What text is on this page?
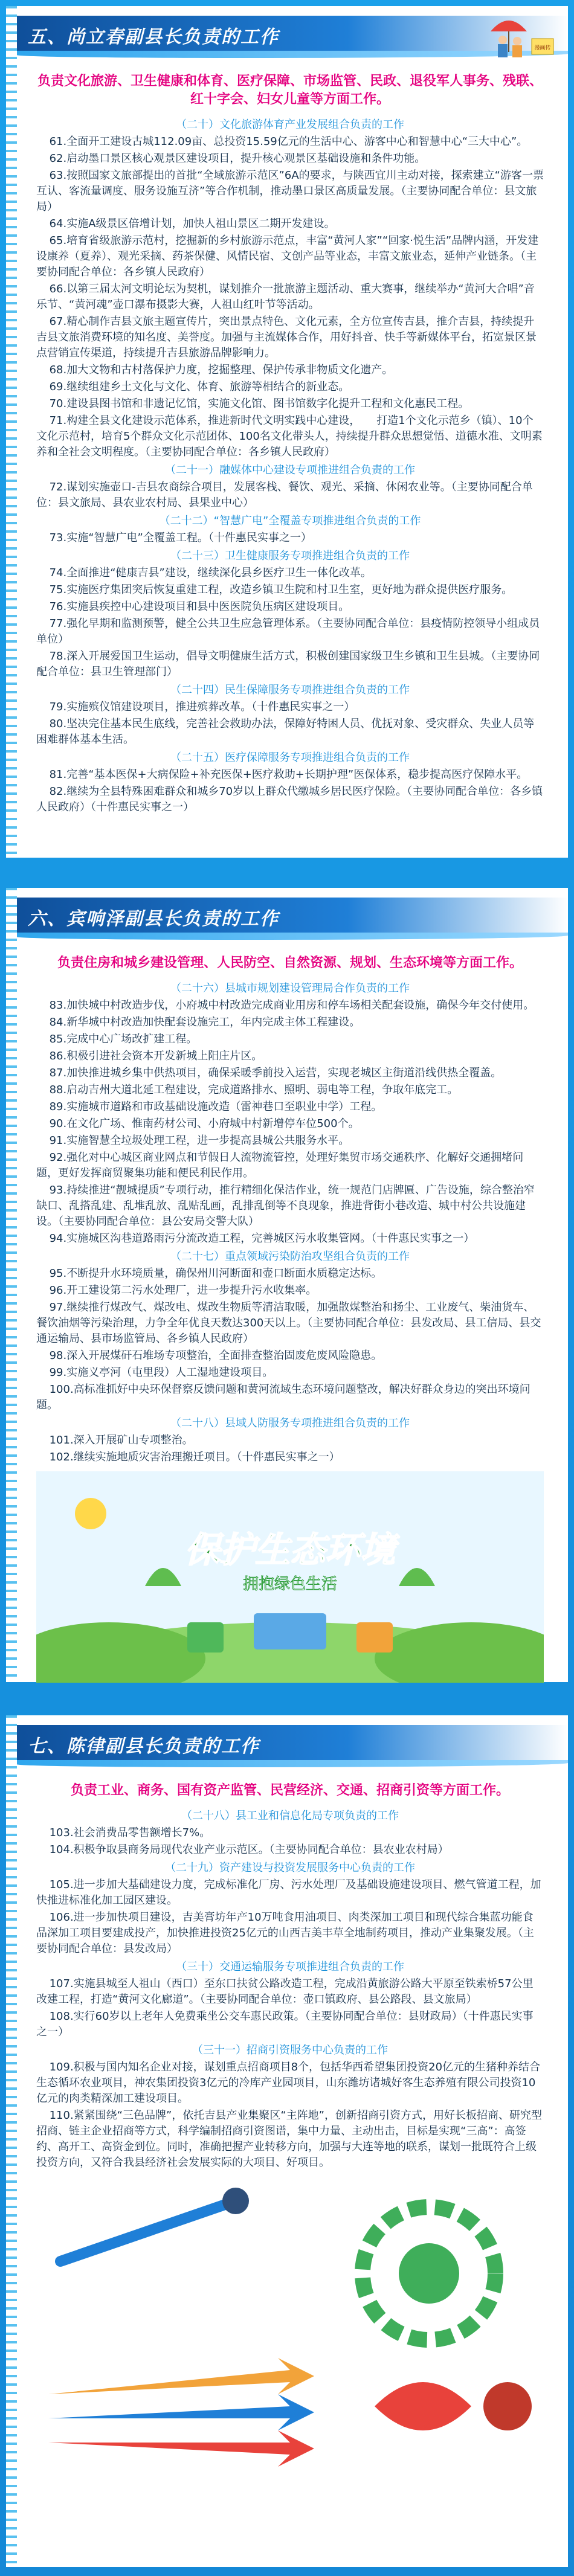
五、尚立春副县长负责的工作
漫画传
负责文化旅游、卫生健康和体育、医疗保障、市场监管、民政、退役军人事务、残联、红十字会、妇女儿童等方面工作。
（二十）文化旅游体育产业发展组合负责的工作

61.全面开工建设古城112.09亩、总投资15.59亿元的生活中心、游客中心和智慧中心“三大中心”。

62.启动墨口景区核心观景区建设项目，提升核心观景区基础设施和条件功能。

63.按照国家文旅部提出的首批“全域旅游示范区”6A的要求，与陕西宜川主动对接，探索建立“游客一票互认、客流量调度、服务设施互济”等合作机制，推动墨口景区高质量发展。（主要协同配合单位：县文旅局）

64.实施A级景区倍增计划，加快人祖山景区二期开发建设。

65.培育省级旅游示范村，挖掘新的乡村旅游示范点，丰富“黄河人家”“回家·悦生活”品牌内涵，开发建设康养（夏养）、观光采摘、药茶保健、风情民宿、文创产品等业态，丰富文旅业态，延伸产业链条。（主要协同配合单位：各乡镇人民政府）

66.以第三届太河文明论坛为契机，谋划推介一批旅游主题活动、重大赛事，继续举办“黄河大合唱”音乐节、“黄河魂”壶口瀑布摄影大赛，人祖山红叶节等活动。

67.精心制作吉县文旅主题宣传片，突出景点特色、文化元素，全方位宣传吉县，推介吉县，持续提升吉县文旅消费环境的知名度、美誉度。加强与主流媒体合作，用好抖音、快手等新媒体平台，拓宽景区景点营销宣传渠道，持续提升吉县旅游品牌影响力。

68.加大文物和古村落保护力度，挖掘整理、保护传承非物质文化遗产。

69.继续组建乡土文化与文化、体育、旅游等相结合的新业态。

70.建设县图书馆和非遗记忆馆，实施文化馆、图书馆数字化提升工程和文化惠民工程。

71.构建全县文化建设示范体系，推进新时代文明实践中心建设，　　打造1个文化示范乡（镇）、10个文化示范村，培育5个群众文化示范团体、100名文化带头人，持续提升群众思想觉悟、道德水准、文明素养和全社会文明程度。（主要协同配合单位：各乡镇人民政府）

（二十一）融媒体中心建设专项推进组合负责的工作

72.谋划实施壶口-吉县农商综合项目，发展客栈、餐饮、观光、采摘、休闲农业等。（主要协同配合单位：县文旅局、县农业农村局、县果业中心）

（二十二）“智慧广电”全覆盖专项推进组合负责的工作

73.实施“智慧广电”全覆盖工程。（十件惠民实事之一）

（二十三）卫生健康服务专项推进组合负责的工作

74.全面推进“健康吉县”建设，继续深化县乡医疗卫生一体化改革。

75.实施医疗集团突后恢复重建工程，改造乡镇卫生院和村卫生室，更好地为群众提供医疗服务。

76.实施县疾控中心建设项目和县中医医院负压病区建设项目。

77.强化早期和监测预警，健全公共卫生应急管理体系。（主要协同配合单位：县疫情防控领导小组成员单位）

78.深入开展爱国卫生运动，倡导文明健康生活方式，积极创建国家级卫生乡镇和卫生县城。（主要协同配合单位：县卫生管理部门）

（二十四）民生保障服务专项推进组合负责的工作

79.实施殡仪馆建设项目，推进殡葬改革。（十件惠民实事之一）

80.坚决完住基本民生底线，完善社会救助办法，保障好特困人员、优抚对象、受灾群众、失业人员等困难群体基本生活。

（二十五）医疗保障服务专项推进组合负责的工作

81.完善“基本医保+大病保险+补充医保+医疗救助+长期护理”医保体系，稳步提高医疗保障水平。

82.继续为全县特殊困难群众和城乡70岁以上群众代缴城乡居民医疗保险。（主要协同配合单位：各乡镇人民政府）（十件惠民实事之一）

六、宾响泽副县长负责的工作
负责住房和城乡建设管理、人民防空、自然资源、规划、生态环境等方面工作。
（二十六）县城市规划建设管理局合作负责的工作

83.加快城中村改造步伐，小府城中村改造完成商业用房和停车场相关配套设施，确保今年交付使用。

84.新华城中村改造加快配套设施完工，年内完成主体工程建设。

85.完成中心广场改扩建工程。

86.积极引进社会资本开发新城上阳庄片区。

87.加快推进城乡集中供热项目，确保采暖季前投入运营，实现老城区主街道沿线供热全覆盖。

88.启动吉州大道北延工程建设，完成道路排水、照明、弱电等工程，争取年底完工。

89.实施城市道路和市政基础设施改造（雷神巷口至职业中学）工程。

90.在文化广场、惟南药材公司、小府城中村新增停车位500个。

91.实施智慧全垃圾处理工程，进一步提高县城公共服务水平。

92.强化对中心城区商业网点和节假日人流物流管控，处理好集贸市场交通秩序、化解好交通拥堵问题，更好发挥商贸聚集功能和便民利民作用。

93.持续推进“靓城提质”专项行动，推行精细化保洁作业，统一规范门店牌匾、广告设施，综合整治窄缺口、乱搭乱建、乱堆乱放、乱贴乱画，乱排乱倒等不良现象，推进背街小巷改造、城中村公共设施建设。（主要协同配合单位：县公安局交警大队）

94.实施城区沟巷道路雨污分流改造工程，完善城区污水收集管网。（十件惠民实事之一）

（二十七）重点领域污染防治攻坚组合负责的工作

95.不断提升水环境质量，确保州川河断面和壶口断面水质稳定达标。

96.开工建设第二污水处理厂，进一步提升污水收集率。

97.继续推行煤改气、煤改电、煤改生物质等清洁取暖，加强散煤整治和扬尘、工业废气、柴油货车、餐饮油烟等污染治理，力争全年优良天数达300天以上。（主要协同配合单位：县发改局、县工信局、县交通运输局、县市场监管局、各乡镇人民政府）

98.深入开展煤矸石堆场专项整治，全面排查整治固废危废风险隐患。

99.实施义亭河（屯里段）人工湿地建设项目。

100.高标准抓好中央环保督察反馈问题和黄河流域生态环境问题整改，解决好群众身边的突出环境问题。

（二十八）县域人防服务专项推进组合负责的工作

101.深入开展矿山专项整治。

102.继续实施地质灾害治理搬迁项目。（十件惠民实事之一）

保护生态环境
拥抱绿色生活
七、陈律副县长负责的工作
负责工业、商务、国有资产监管、民营经济、交通、招商引资等方面工作。
（二十八）县工业和信息化局专项负责的工作

103.社会消费品零售额增长7%。

104.积极争取县商务局现代农业产业示范区。（主要协同配合单位：县农业农村局）

（二十九）资产建设与投资发展服务中心负责的工作

105.进一步加大基础建设力度，完成标准化厂房、污水处理厂及基础设施建设项目、燃气管道工程，加快推进标准化加工园区建设。

106.进一步加快项目建设，吉美膏坊年产10万吨食用油项目、肉类深加工项目和现代综合集蓝功能食品深加工项目要建成投产，加快推进投资25亿元的山西吉美丰草全地制药项目，推动产业集聚发展。（主要协同配合单位：县发改局）

（三十）交通运输服务专项推进组合负责的工作

107.实施县城至人祖山（西口）至东口扶贫公路改造工程，完成沿黄旅游公路大平原至铁索桥57公里改建工程，打造“黄河文化廊道”。（主要协同配合单位：壶口镇政府、县公路段、县文旅局）

108.实行60岁以上老年人免费乘坐公交车惠民政策。（主要协同配合单位：县财政局）（十件惠民实事之一）

（三十一）招商引资服务中心负责的工作

109.积极与国内知名企业对接，谋划重点招商项目8个，包括华西希望集团投资20亿元的生猪种养结合生态循环农业项目，神农集团投资3亿元的冷库产业园项目，山东潍坊诸城好客生态养殖有限公司投资10亿元的肉类精深加工建设项目。

110.紧紧围绕“三色品牌”，依托吉县产业集聚区“主阵地”，创新招商引资方式，用好长板招商、研究型招商、链主企业招商等方式，科学编制招商引资图谱，集中力量、主动出击，目标是实现“三高”：高签约、高开工、高资金到位。同时，准确把握产业转移方向，加强与大连等地的联系，谋划一批既符合上级投资方向，又符合我县经济社会发展实际的大项目、好项目。
